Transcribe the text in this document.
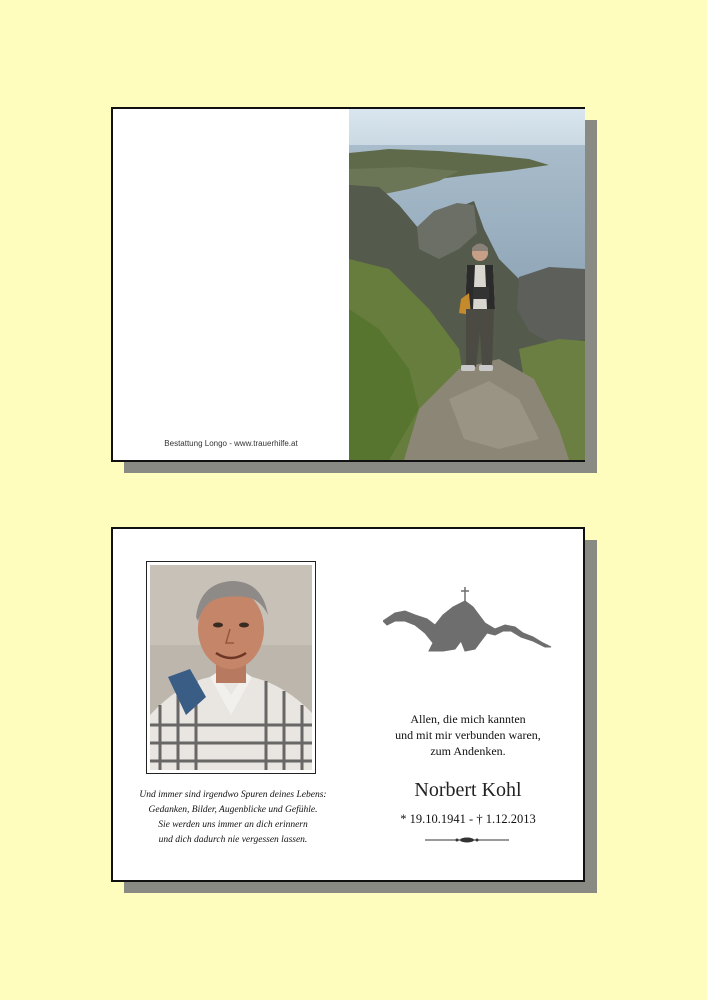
Bestattung Longo - www.trauerhilfe.at
Und immer sind irgendwo Spuren deines Lebens:
Gedanken, Bilder, Augenblicke und Gefühle.
Sie werden uns immer an dich erinnern
und dich dadurch nie vergessen lassen.
Allen, die mich kannten
und mit mir verbunden waren,
zum Andenken.
Norbert Kohl
* 19.10.1941 - † 1.12.2013
